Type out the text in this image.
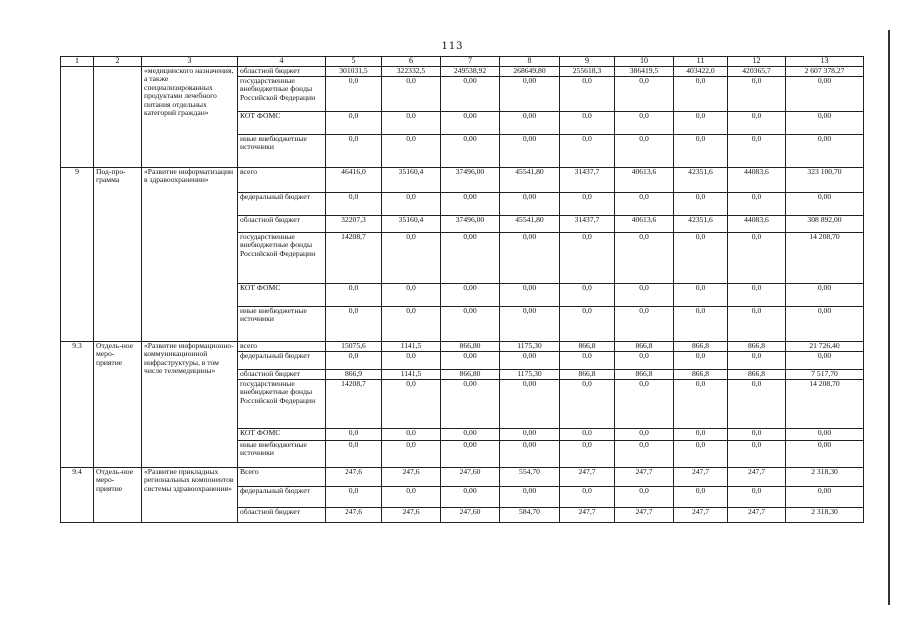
113
1	2	3	4	5	6	7	8	9	10	11	12	13
		«медицинского назначения, а также специализированных продуктами лечебного питания отдельных категорий граждан»	областной бюджет	301031,5	322332,5	249538,92	268649,80	255618,3	386419,5	403422,0	420365,7	2 607 378,27
			государственные внебюджетные фонды Российской Федерации	0,0	0,0	0,00	0,00	0,0	0,0	0,0	0,0	0,00
			КОТ ФОМС	0,0	0,0	0,00	0,00	0,0	0,0	0,0	0,0	0,00
			иные внебюджетные источники	0,0	0,0	0,00	0,00	0,0	0,0	0,0	0,0	0,00
9	Под-про-грамма	«Развитие информатизации в здравоохранении»	всего	46416,0	35160,4	37496,00	45541,80	31437,7	40613,6	42351,6	44083,6	323 100,70
			федеральный бюджет	0,0	0,0	0,00	0,00	0,0	0,0	0,0	0,0	0,00
			областной бюджет	32207,3	35160,4	37496,00	45541,80	31437,7	40613,6	42351,6	44083,6	308 892,00
			государственные внебюджетные фонды Российской Федерации	14208,7	0,0	0,00	0,00	0,0	0,0	0,0	0,0	14 208,70
			КОТ ФОМС	0,0	0,0	0,00	0,00	0,0	0,0	0,0	0,0	0,00
			иные внебюджетные источники	0,0	0,0	0,00	0,00	0,0	0,0	0,0	0,0	0,00
9.3	Отдель-ное меро-приятие	«Развитие информационно-коммуникационной инфраструктуры, в том числе телемедицины»	всего	15075,6	1141,5	866,80	1175,30	866,8	866,8	866,8	866,8	21 726,40
			федеральный бюджет	0,0	0,0	0,00	0,00	0,0	0,0	0,0	0,0	0,00
			областной бюджет	866,9	1141,5	866,80	1175,30	866,8	866,8	866,8	866,8	7 517,70
			государственные внебюджетные фонды Российской Федерации	14208,7	0,0	0,00	0,00	0,0	0,0	0,0	0,0	14 208,70
			КОТ ФОМС	0,0	0,0	0,00	0,00	0,0	0,0	0,0	0,0	0,00
			иные внебюджетные источники	0,0	0,0	0,00	0,00	0,0	0,0	0,0	0,0	0,00
9.4	Отдель-ное меро-приятие	«Развитие прикладных региональных компонентов системы здравоохранения»	Всего	247,6	247,6	247,60	554,70	247,7	247,7	247,7	247,7	2 318,30
			федеральный бюджет	0,0	0,0	0,00	0,00	0,0	0,0	0,0	0,0	0,00
			областной бюджет	247,6	247,6	247,60	584,70	247,7	247,7	247,7	247,7	2 318,30
